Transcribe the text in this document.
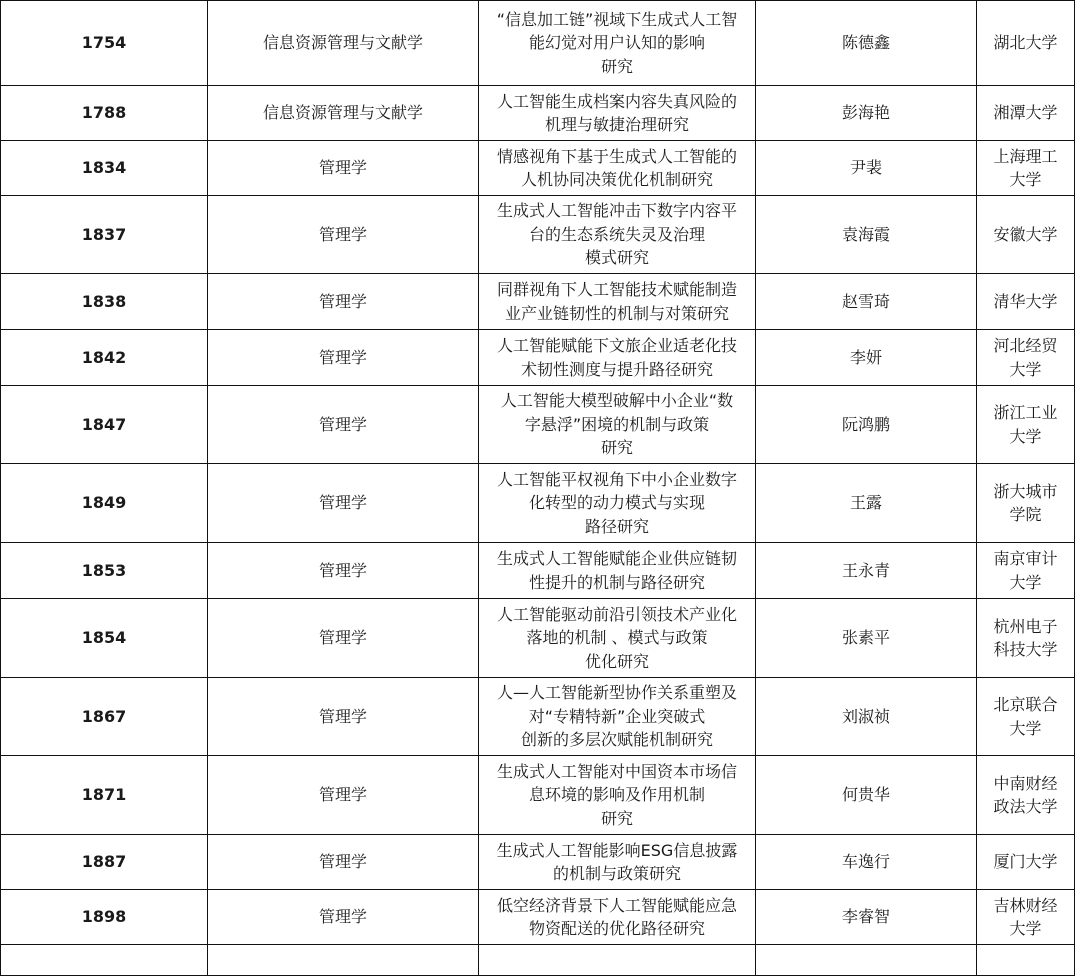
1754	信息资源管理与文献学	“信息加工链”视域下生成式人工智
能幻觉对用户认知的影响
研究	陈德鑫	湖北大学

1788	信息资源管理与文献学	人工智能生成档案内容失真风险的
机理与敏捷治理研究	彭海艳	湘潭大学

1834	管理学	情感视角下基于生成式人工智能的
人机协同决策优化机制研究	尹裴	上海理工
大学

1837	管理学	生成式人工智能冲击下数字内容平
台的生态系统失灵及治理
模式研究	袁海霞	安徽大学

1838	管理学	同群视角下人工智能技术赋能制造
业产业链韧性的机制与对策研究	赵雪琦	清华大学

1842	管理学	人工智能赋能下文旅企业适老化技
术韧性测度与提升路径研究	李妍	河北经贸
大学

1847	管理学	人工智能大模型破解中小企业“数
字悬浮”困境的机制与政策
研究	阮鸿鹏	浙江工业
大学

1849	管理学	人工智能平权视角下中小企业数字
化转型的动力模式与实现
路径研究	王露	浙大城市
学院

1853	管理学	生成式人工智能赋能企业供应链韧
性提升的机制与路径研究	王永青	南京审计
大学

1854	管理学	人工智能驱动前沿引领技术产业化
落地的机制 、模式与政策
优化研究	张素平	杭州电子
科技大学

1867	管理学	人—人工智能新型协作关系重塑及
对“专精特新”企业突破式
创新的多层次赋能机制研究	刘淑祯	北京联合
大学

1871	管理学	生成式人工智能对中国资本市场信
息环境的影响及作用机制
研究	何贵华	中南财经
政法大学

1887	管理学	生成式人工智能影响ESG信息披露
的机制与政策研究	车逸行	厦门大学

1898	管理学	低空经济背景下人工智能赋能应急
物资配送的优化路径研究	李睿智	吉林财经
大学
